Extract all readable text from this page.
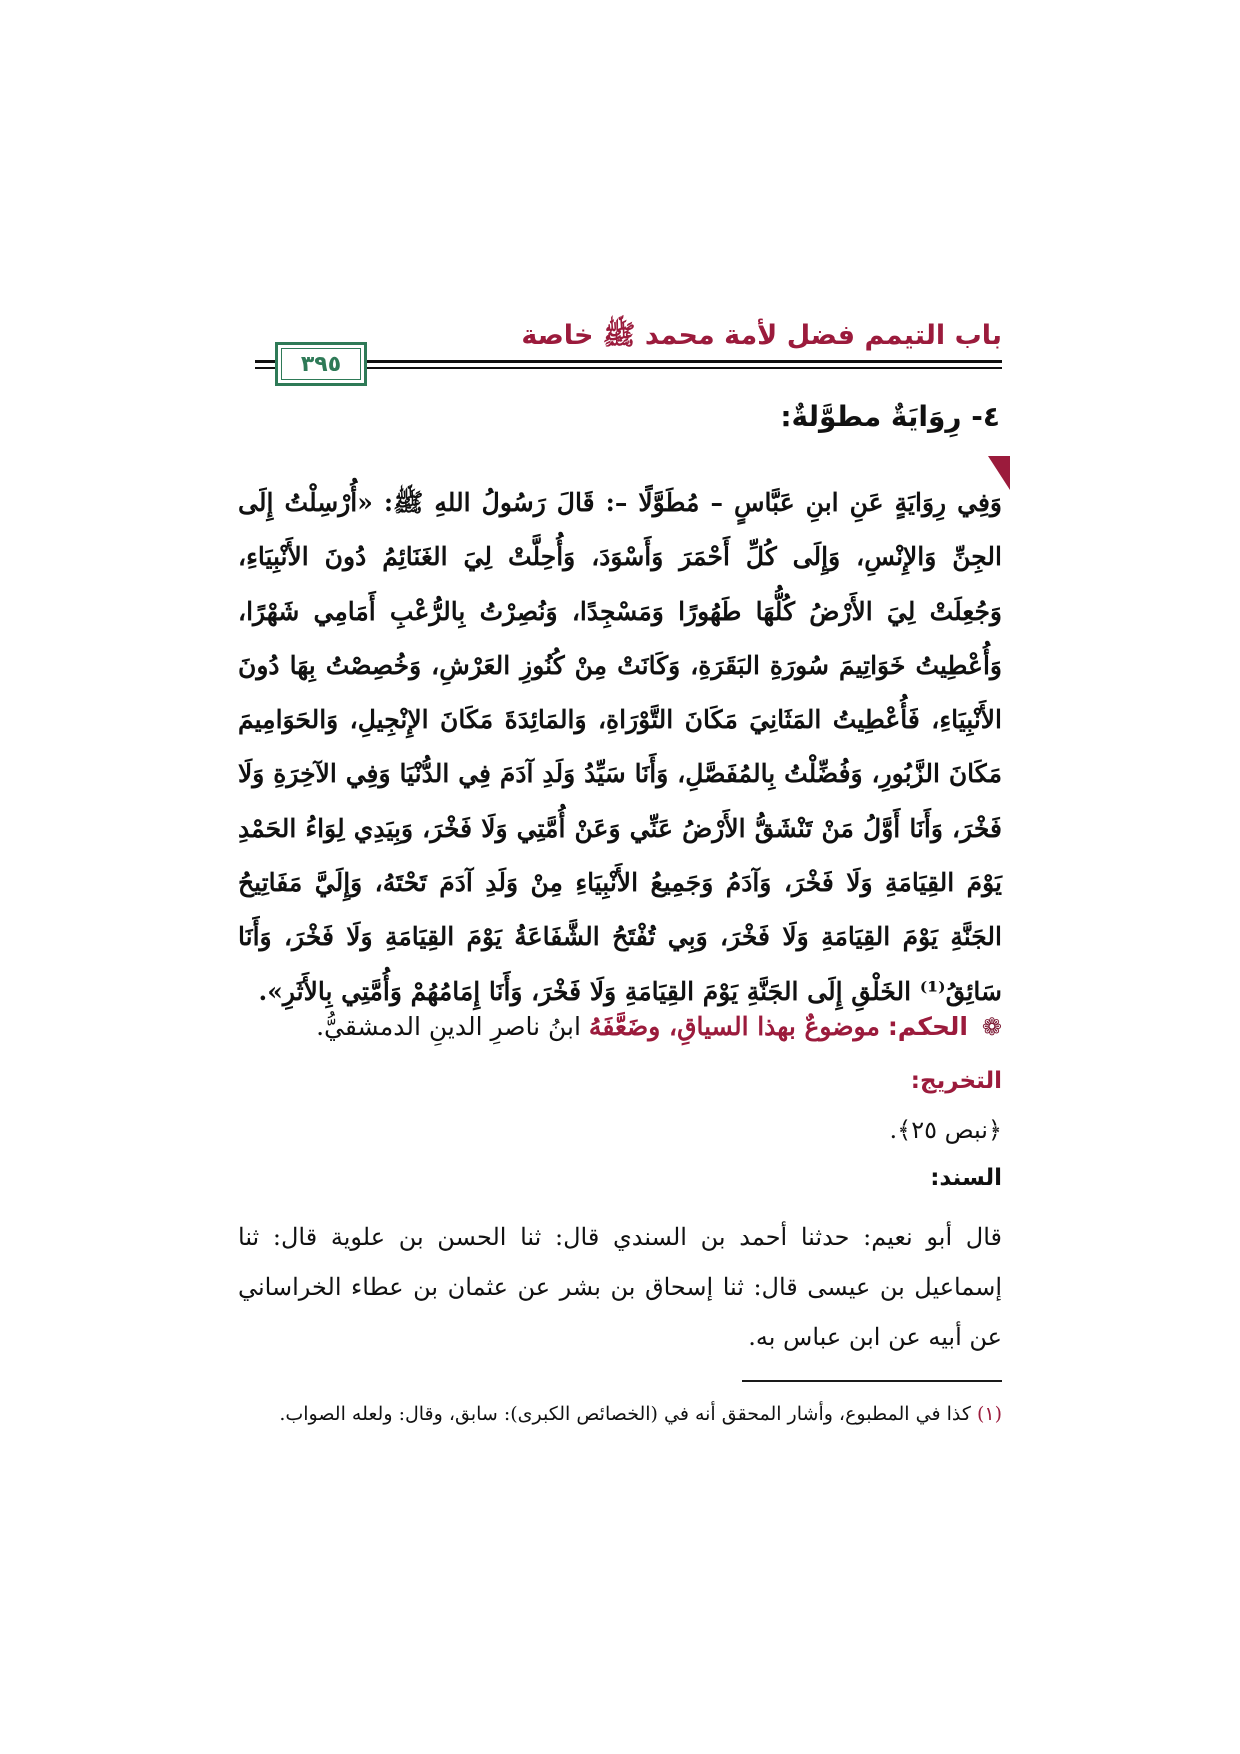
باب التيمم فضل لأمة محمد ﷺ خاصة
٣٩٥
٤- رِوَايَةٌ مطوَّلةٌ:
وَفِي رِوَايَةٍ عَنِ ابنِ عَبَّاسٍ – مُطَوَّلًا –: قَالَ رَسُولُ اللهِ ﷺ: «أُرْسِلْتُ إِلَى الجِنِّ وَالإِنْسِ، وَإِلَى كُلِّ أَحْمَرَ وَأَسْوَدَ، وَأُحِلَّتْ لِيَ الغَنَائِمُ دُونَ الأَنْبِيَاءِ، وَجُعِلَتْ لِيَ الأَرْضُ كُلُّهَا طَهُورًا وَمَسْجِدًا، وَنُصِرْتُ بِالرُّعْبِ أَمَامِي شَهْرًا، وَأُعْطِيتُ خَوَاتِيمَ سُورَةِ البَقَرَةِ، وَكَانَتْ مِنْ كُنُوزِ العَرْشِ، وَخُصِصْتُ بِهَا دُونَ الأَنْبِيَاءِ، فَأُعْطِيتُ المَثَانِيَ مَكَانَ التَّوْرَاةِ، وَالمَائِدَةَ مَكَانَ الإِنْجِيلِ، وَالحَوَامِيمَ مَكَانَ الزَّبُورِ، وَفُضِّلْتُ بِالمُفَصَّلِ، وَأَنَا سَيِّدُ وَلَدِ آدَمَ فِي الدُّنْيَا وَفِي الآخِرَةِ وَلَا فَخْرَ، وَأَنَا أَوَّلُ مَنْ تَنْشَقُّ الأَرْضُ عَنِّي وَعَنْ أُمَّتِي وَلَا فَخْرَ، وَبِيَدِي لِوَاءُ الحَمْدِ يَوْمَ القِيَامَةِ وَلَا فَخْرَ، وَآدَمُ وَجَمِيعُ الأَنْبِيَاءِ مِنْ وَلَدِ آدَمَ تَحْتَهُ، وَإِلَيَّ مَفَاتِيحُ الجَنَّةِ يَوْمَ القِيَامَةِ وَلَا فَخْرَ، وَبِي تُفْتَحُ الشَّفَاعَةُ يَوْمَ القِيَامَةِ وَلَا فَخْرَ، وَأَنَا سَائِقُ⁽¹⁾ الخَلْقِ إِلَى الجَنَّةِ يَوْمَ القِيَامَةِ وَلَا فَخْرَ، وَأَنَا إِمَامُهُمْ وَأُمَّتِي بِالأَثَرِ».
❁ الحكم: موضوعٌ بهذا السياقِ، وضَعَّفَهُ ابنُ ناصرِ الدينِ الدمشقيُّ.
التخريج:
﴿نبص ٢٥﴾.
السند:
قال أبو نعيم: حدثنا أحمد بن السندي قال: ثنا الحسن بن علوية قال: ثنا إسماعيل بن عيسى قال: ثنا إسحاق بن بشر عن عثمان بن عطاء الخراساني عن أبيه عن ابن عباس به.
(١) كذا في المطبوع، وأشار المحقق أنه في (الخصائص الكبرى): سابق، وقال: ولعله الصواب.
